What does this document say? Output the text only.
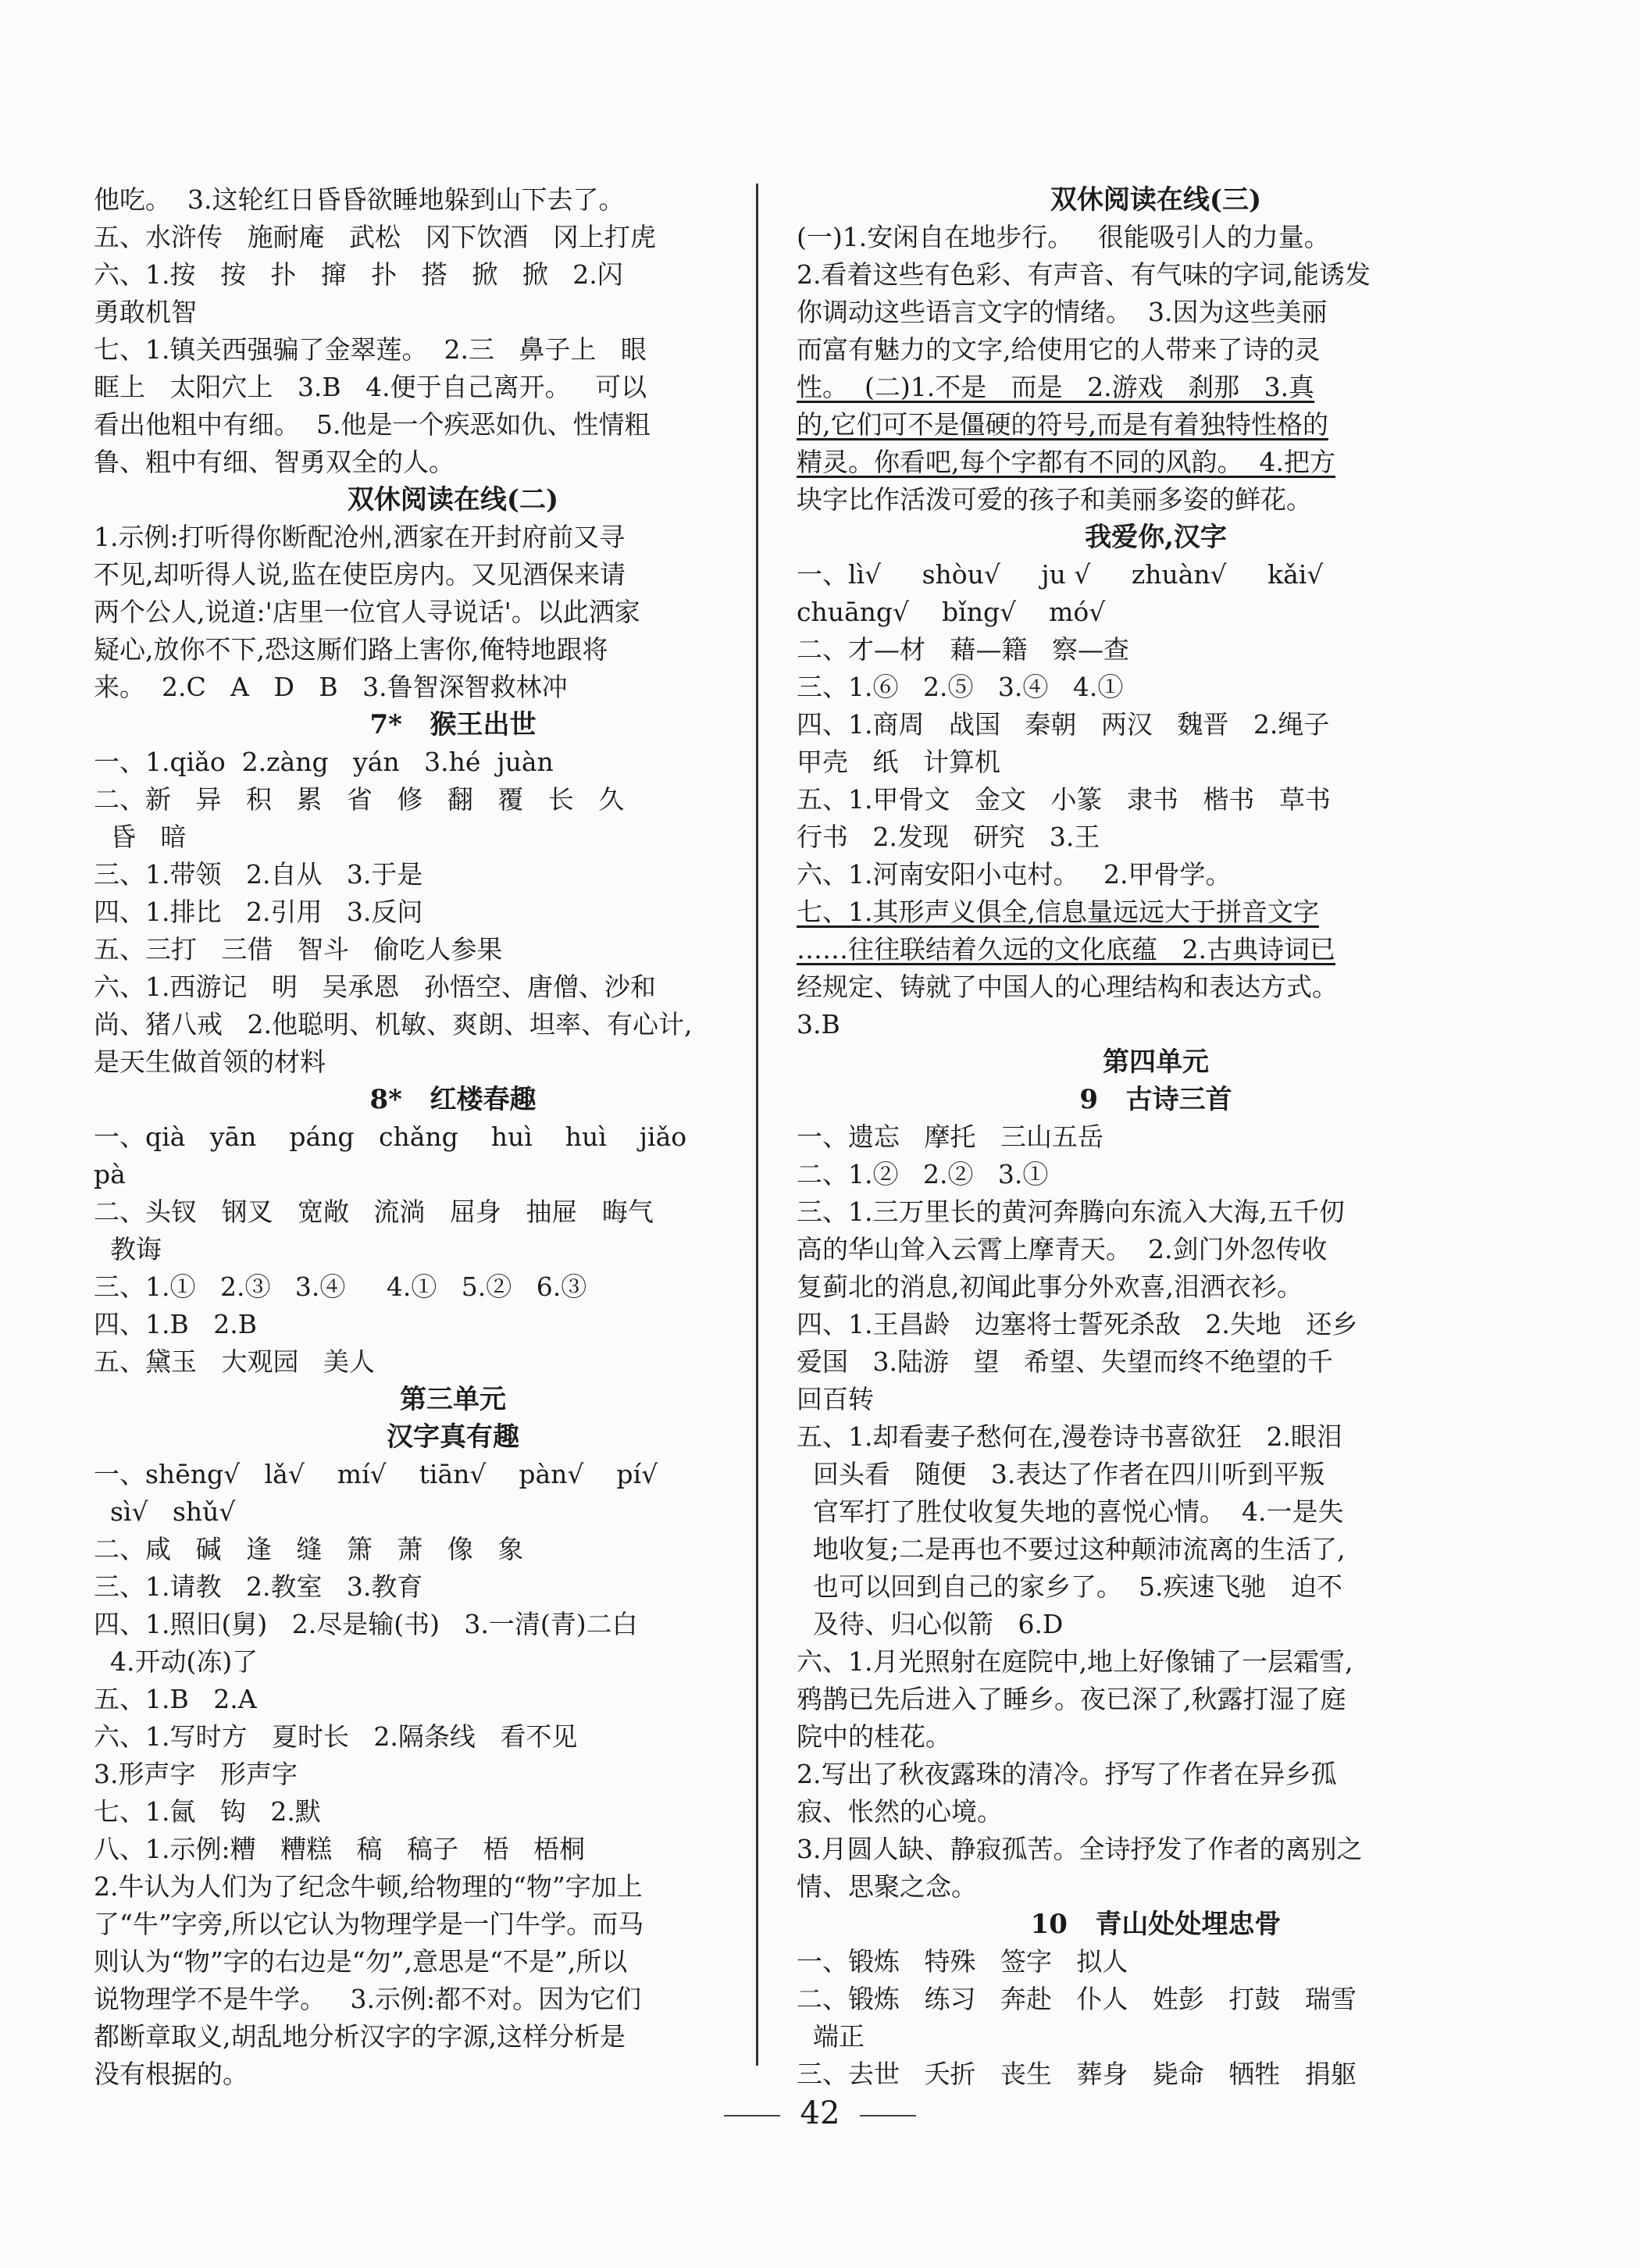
他吃。  3.这轮红日昏昏欲睡地躲到山下去了。
五、水浒传   施耐庵   武松   冈下饮酒   冈上打虎
六、1.按   按   扑   撺   扑   搭   掀   掀   2.闪
勇敢机智
七、1.镇关西强骗了金翠莲。  2.三   鼻子上   眼
眶上   太阳穴上   3.B   4.便于自己离开。   可以
看出他粗中有细。  5.他是一个疾恶如仇、性情粗
鲁、粗中有细、智勇双全的人。
双休阅读在线(二)
1.示例:打听得你断配沧州,洒家在开封府前又寻
不见,却听得人说,监在使臣房内。又见酒保来请
两个公人,说道:'店里一位官人寻说话'。以此洒家
疑心,放你不下,恐这厮们路上害你,俺特地跟将
来。  2.C   A   D   B   3.鲁智深智救林冲
7*   猴王出世
一、1.qiǎo  2.zàng   yán   3.hé  juàn
二、新   异   积   累   省   修   翻   覆   长   久
昏   暗
三、1.带领   2.自从   3.于是
四、1.排比   2.引用   3.反问
五、三打   三借   智斗   偷吃人参果
六、1.西游记   明   吴承恩   孙悟空、唐僧、沙和
尚、猪八戒   2.他聪明、机敏、爽朗、坦率、有心计,
是天生做首领的材料
8*   红楼春趣
一、qià   yān    páng   chǎng    huì    huì    jiǎo
pà
二、头钗   钢叉   宽敞   流淌   屈身   抽屉   晦气
教诲
三、1.①   2.③   3.④     4.①   5.②   6.③
四、1.B   2.B
五、黛玉   大观园   美人
第三单元
汉字真有趣
一、shēng√   lǎ√    mí√    tiān√    pàn√    pí√
sì√   shǔ√
二、咸   碱   逢   缝   箫   萧   像   象
三、1.请教   2.教室   3.教育
四、1.照旧(舅)   2.尽是输(书)   3.一清(青)二白
4.开动(冻)了
五、1.B   2.A
六、1.写时方   夏时长   2.隔条线   看不见
3.形声字   形声字
七、1.氤   钩   2.默
八、1.示例:糟   糟糕   稿   稿子   梧   梧桐
2.牛认为人们为了纪念牛顿,给物理的“物”字加上
了“牛”字旁,所以它认为物理学是一门牛学。而马
则认为“物”字的右边是“勿”,意思是“不是”,所以
说物理学不是牛学。   3.示例:都不对。因为它们
都断章取义,胡乱地分析汉字的字源,这样分析是
没有根据的。
双休阅读在线(三)
(一)1.安闲自在地步行。   很能吸引人的力量。
2.看着这些有色彩、有声音、有气味的字词,能诱发
你调动这些语言文字的情绪。  3.因为这些美丽
而富有魅力的文字,给使用它的人带来了诗的灵
性。  (二)1.不是   而是   2.游戏   刹那   3.真
的,它们可不是僵硬的符号,而是有着独特性格的
精灵。你看吧,每个字都有不同的风韵。  4.把方
块字比作活泼可爱的孩子和美丽多姿的鲜花。
我爱你,汉字
一、lì√     shòu√     ju √     zhuàn√     kǎi√
chuāng√    bǐng√    mó√
二、才—材   藉—籍   察—查
三、1.⑥   2.⑤   3.④   4.①
四、1.商周   战国   秦朝   两汉   魏晋   2.绳子
甲壳   纸   计算机
五、1.甲骨文   金文   小篆   隶书   楷书   草书
行书   2.发现   研究   3.王
六、1.河南安阳小屯村。   2.甲骨学。
七、1.其形声义俱全,信息量远远大于拼音文字
……往往联结着久远的文化底蕴   2.古典诗词已
经规定、铸就了中国人的心理结构和表达方式。
3.B
第四单元
9   古诗三首
一、遗忘   摩托   三山五岳
二、1.②   2.②   3.①
三、1.三万里长的黄河奔腾向东流入大海,五千仞
高的华山耸入云霄上摩青天。  2.剑门外忽传收
复蓟北的消息,初闻此事分外欢喜,泪洒衣衫。
四、1.王昌龄   边塞将士誓死杀敌   2.失地   还乡
爱国   3.陆游   望   希望、失望而终不绝望的千
回百转
五、1.却看妻子愁何在,漫卷诗书喜欲狂   2.眼泪
回头看   随便   3.表达了作者在四川听到平叛
官军打了胜仗收复失地的喜悦心情。  4.一是失
地收复;二是再也不要过这种颠沛流离的生活了,
也可以回到自己的家乡了。  5.疾速飞驰   迫不
及待、归心似箭   6.D
六、1.月光照射在庭院中,地上好像铺了一层霜雪,
鸦鹊已先后进入了睡乡。夜已深了,秋露打湿了庭
院中的桂花。
2.写出了秋夜露珠的清冷。抒写了作者在异乡孤
寂、怅然的心境。
3.月圆人缺、静寂孤苦。全诗抒发了作者的离别之
情、思聚之念。
10   青山处处埋忠骨
一、锻炼   特殊   签字   拟人
二、锻炼   练习   奔赴   仆人   姓彭   打鼓   瑞雪
端正
三、去世   夭折   丧生   葬身   毙命   牺牲   捐躯
42
